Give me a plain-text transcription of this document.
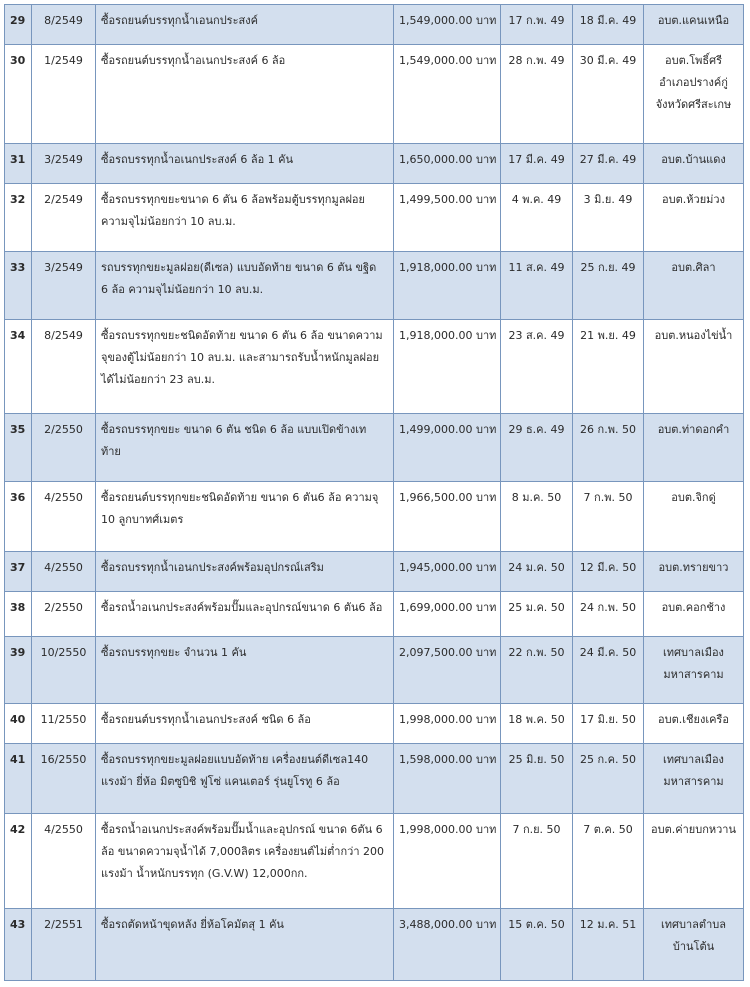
29	8/2549	ซื้อรถยนต์บรรทุกน้ำเอนกประสงค์	1,549,000.00 บาท	17 ก.พ. 49	18 มี.ค. 49	อบต.แคนเหนือ

30	1/2549	ซื้อรถยนต์บรรทุกน้ำอเนกประสงค์ 6 ล้อ	1,549,000.00 บาท	28 ก.พ. 49	30 มี.ค. 49	อบต.โพธิ์ศรี
อำเภอปรางค์กู่
จังหวัดศรีสะเกษ

31	3/2549	ซื้อรถบรรทุกน้ำอเนกประสงค์ 6 ล้อ 1 คัน	1,650,000.00 บาท	17 มี.ค. 49	27 มี.ค. 49	อบต.บ้านแดง

32	2/2549	ซื้อรถบรรทุกขยะขนาด 6 ตัน 6 ล้อพร้อมตู้บรรทุกมูลฝอย
ความจุไม่น้อยกว่า 10 ลบ.ม.	1,499,500.00 บาท	4 พ.ค. 49	3 มิ.ย. 49	อบต.ห้วยม่วง

33	3/2549	รถบรรทุกขยะมูลฝอย(ดีเซล) แบบอัดท้าย ขนาด 6 ตัน ขฐิด
6 ล้อ ความจุไม่น้อยกว่า 10 ลบ.ม.	1,918,000.00 บาท	11 ส.ค. 49	25 ก.ย. 49	อบต.ศิลา

34	8/2549	ซื้อรถบรรทุกขยะชนิดอัดท้าย ขนาด 6 ตัน 6 ล้อ ขนาดความ
จุของตู้ไม่น้อยกว่า 10 ลบ.ม. และสามารถรับน้ำหนักมูลฝอย
ได้ไม่น้อยกว่า 23 ลบ.ม.	1,918,000.00 บาท	23 ส.ค. 49	21 พ.ย. 49	อบต.หนองไข่น้ำ

35	2/2550	ซื้อรถบรรทุกขยะ ขนาด 6 ตัน ชนิด 6 ล้อ แบบเปิดข้างเท
ท้าย	1,499,000.00 บาท	29 ธ.ค. 49	26 ก.พ. 50	อบต.ท่าดอกคำ

36	4/2550	ซื้อรถยนต์บรรทุกขยะชนิดอัดท้าย ขนาด 6 ตัน6 ล้อ ความจุ
10 ลูกบาทศ์เมตร	1,966,500.00 บาท	8 ม.ค. 50	7 ก.พ. 50	อบต.จิกดู่

37	4/2550	ซื้อรถบรรทุกน้ำเอนกประสงค์พร้อมอุปกรณ์เสริม	1,945,000.00 บาท	24 ม.ค. 50	12 มี.ค. 50	อบต.ทรายขาว

38	2/2550	ซื้อรถน้ำอเนกประสงค์พร้อมปั๊มและอุปกรณ์ขนาด 6 ตัน6 ล้อ	1,699,000.00 บาท	25 ม.ค. 50	24 ก.พ. 50	อบต.คอกช้าง

39	10/2550	ซื้อรถบรรทุกขยะ จำนวน 1 คัน	2,097,500.00 บาท	22 ก.พ. 50	24 มี.ค. 50	เทศบาลเมือง
มหาสารคาม

40	11/2550	ซื้อรถยนต์บรรทุกน้ำเอนกประสงค์ ชนิด 6 ล้อ	1,998,000.00 บาท	18 พ.ค. 50	17 มิ.ย. 50	อบต.เชียงเครือ

41	16/2550	ซื้อรถบรรทุกขยะมูลฝอยแบบอัดท้าย เครื่องยนต์ดีเซล140
แรงม้า ยี่ห้อ มิตซูบิชิ ฟูโซ่ แคนเตอร์ รุ่นยูโรทู 6 ล้อ	1,598,000.00 บาท	25 มิ.ย. 50	25 ก.ค. 50	เทศบาลเมือง
มหาสารคาม

42	4/2550	ซื้อรถน้ำอเนกประสงค์พร้อมปั๊มน้ำและอุปกรณ์ ขนาด 6ตัน 6
ล้อ ขนาดความจุน้ำได้ 7,000ลิตร เครื่องยนต์ไม่ต่ำกว่า 200
แรงม้า น้ำหนักบรรทุก (G.V.W) 12,000กก.	1,998,000.00 บาท	7 ก.ย. 50	7 ต.ค. 50	อบต.ค่ายบกหวาน

43	2/2551	ซื้อรถตัดหน้าขุดหลัง ยี่ห้อโคมัตสุ 1 คัน	3,488,000.00 บาท	15 ต.ค. 50	12 ม.ค. 51	เทศบาลตำบล
บ้านโต้น
